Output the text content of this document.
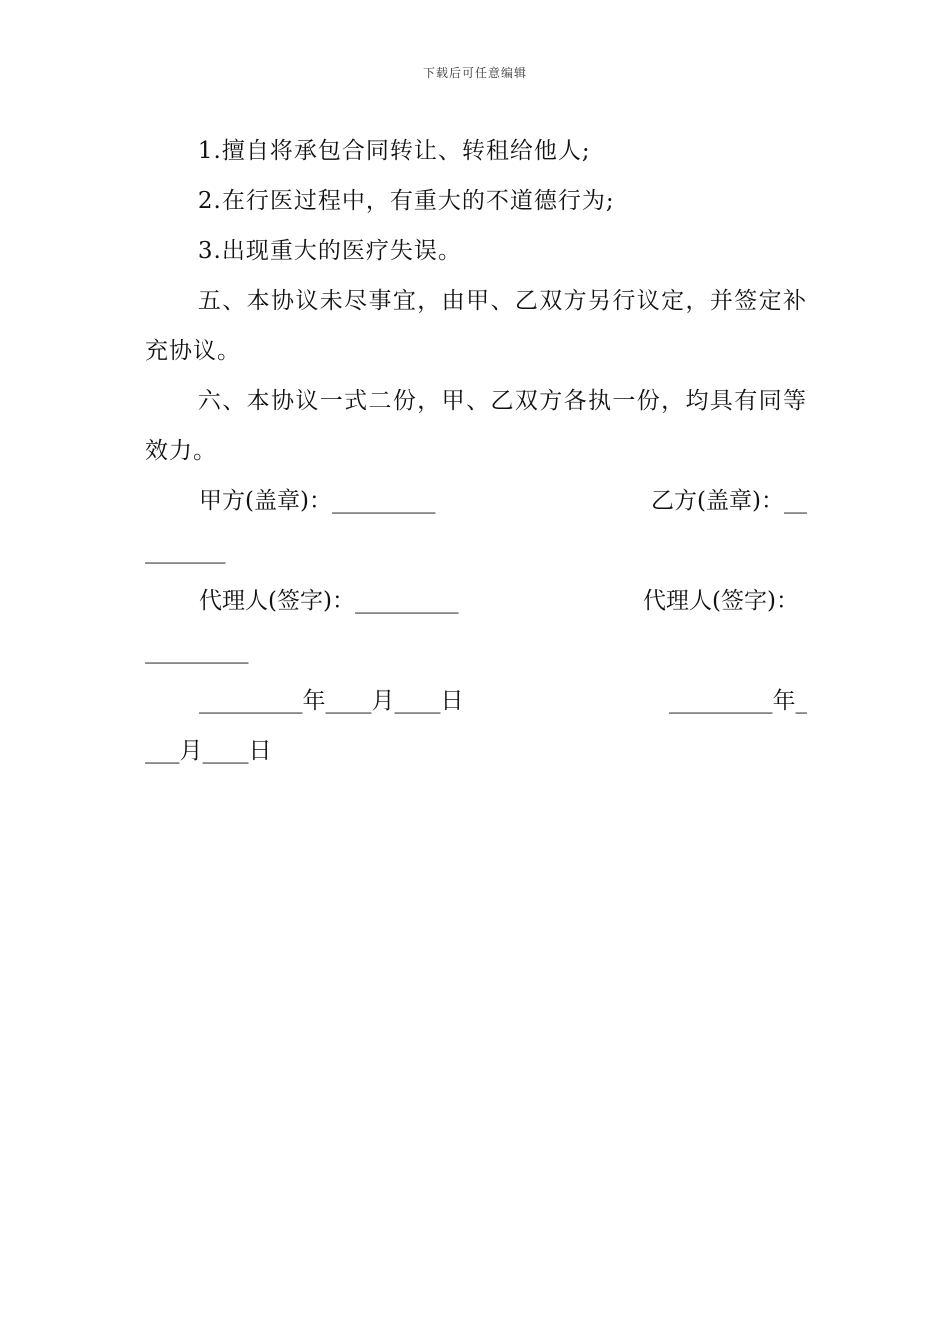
下载后可任意编辑

1.擅自将承包合同转让、转租给他人;

2.在行医过程中，有重大的不道德行为;

3.出现重大的医疗失误。

五、本协议未尽事宜，由甲、乙双方另行议定，并签定补充协议。

六、本协议一式二份，甲、乙双方各执一份，均具有同等效力。

甲方(盖章)：_________	乙方(盖章)：__
_______
代理人(签字)：_________	代理人(签字)：
_________
_________年____月____日	_________年_
___月____日
